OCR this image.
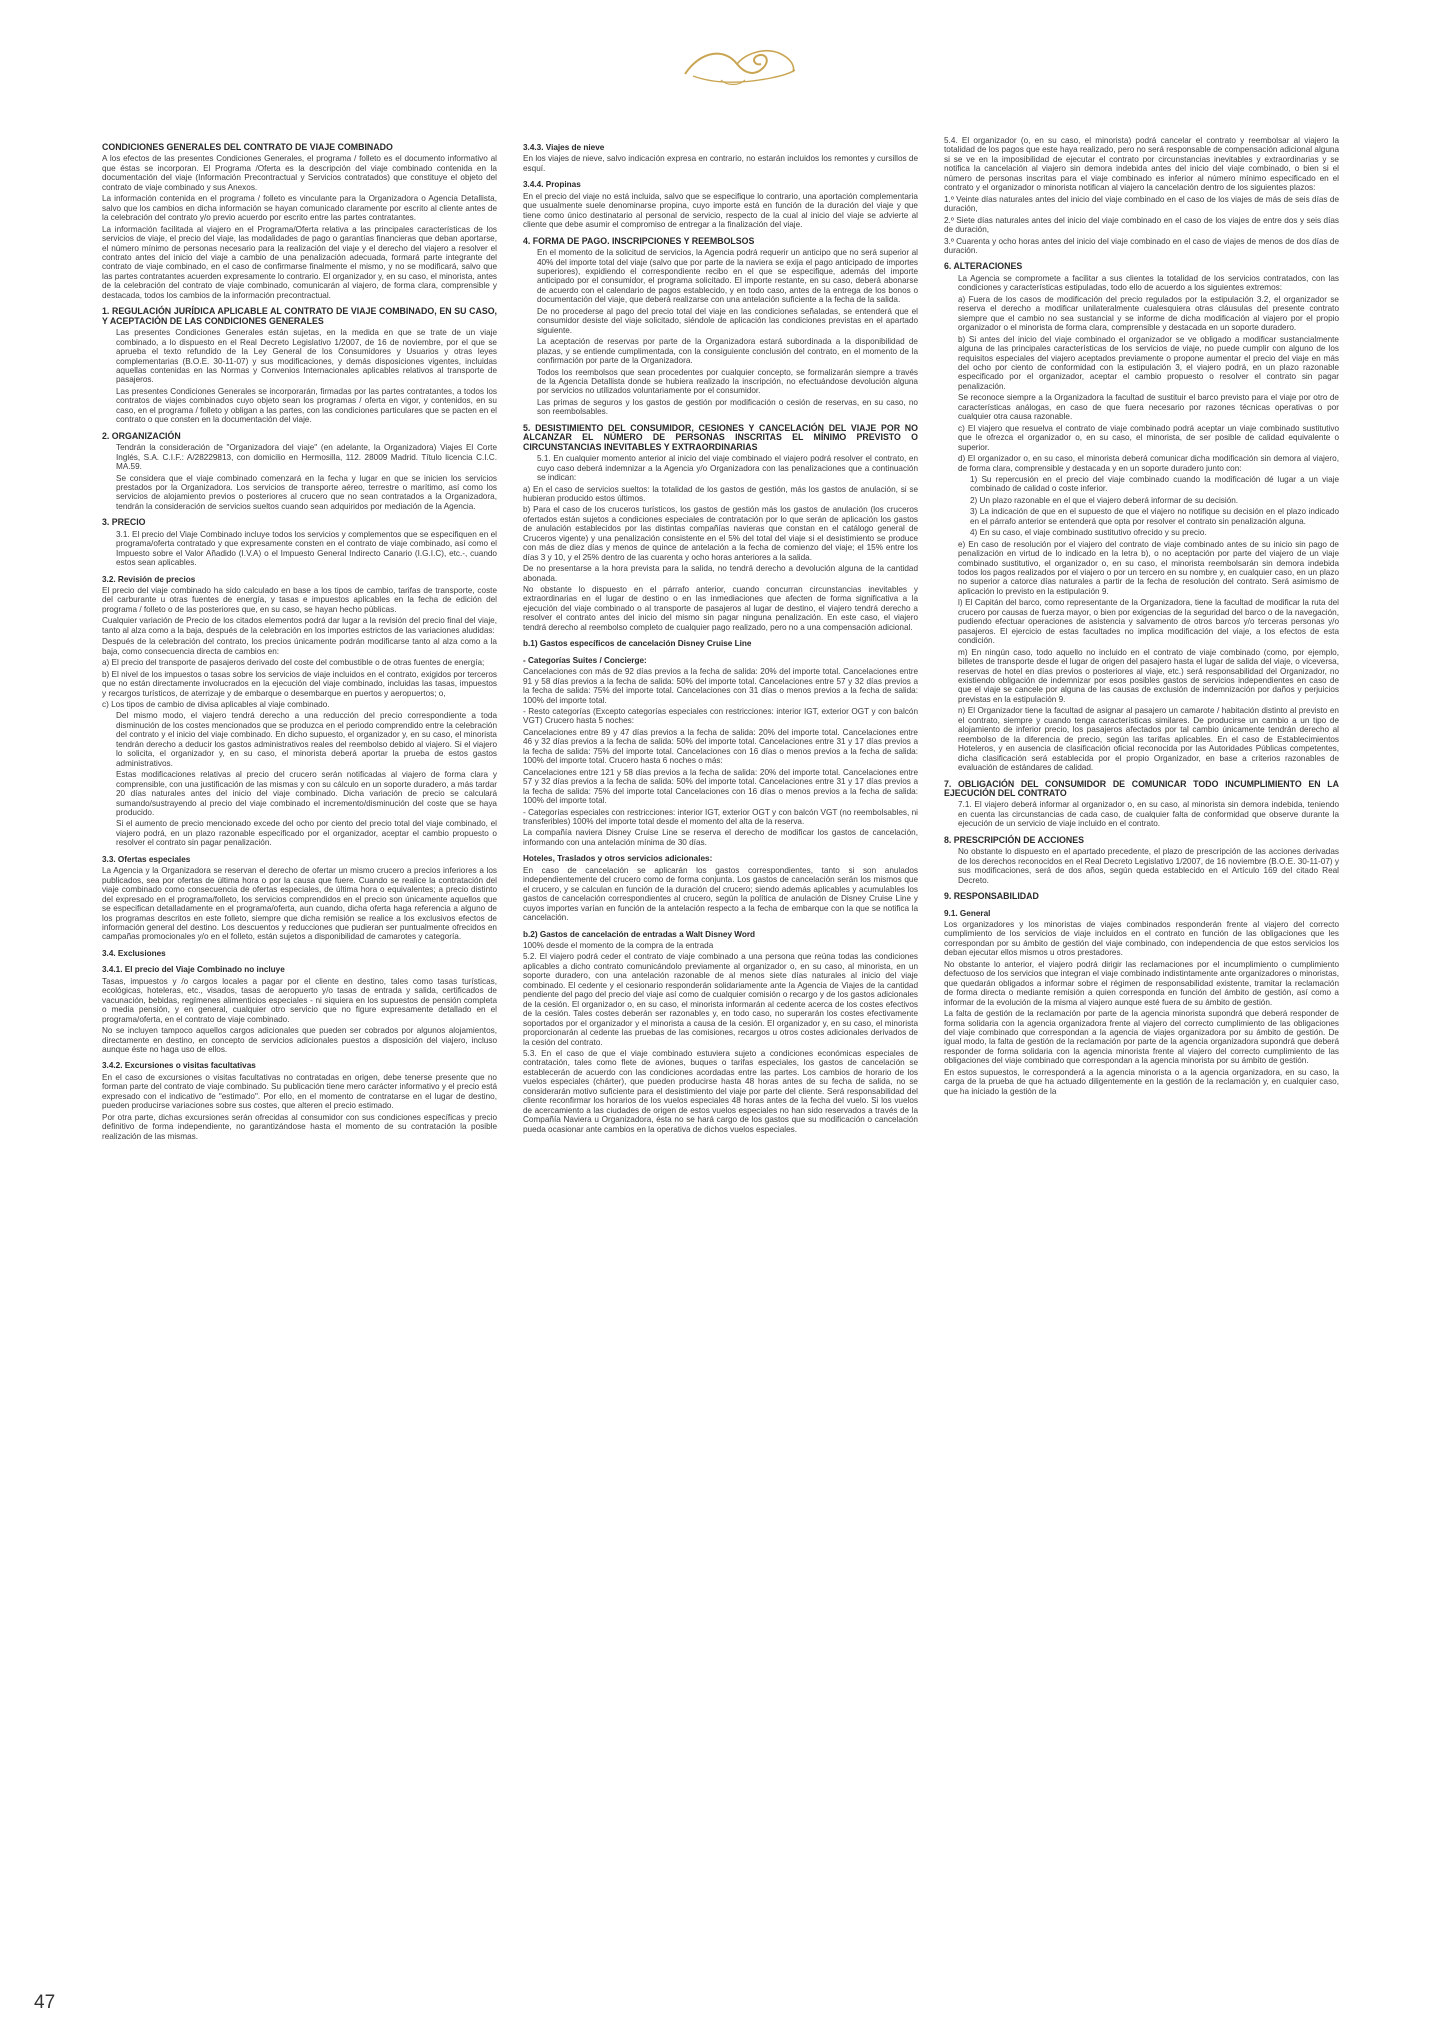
CONDICIONES GENERALES DEL CONTRATO DE VIAJE COMBINADO

A los efectos de las presentes Condiciones Generales, el programa / folleto es el documento informativo al que éstas se incorporan. El Programa /Oferta es la descripción del viaje combinado contenida en la documentación del viaje (Información Precontractual y Servicios contratados) que constituye el objeto del contrato de viaje combinado y sus Anexos.

La información contenida en el programa / folleto es vinculante para la Organizadora o Agencia Detallista, salvo que los cambios en dicha información se hayan comunicado claramente por escrito al cliente antes de la celebración del contrato y/o previo acuerdo por escrito entre las partes contratantes.

La información facilitada al viajero en el Programa/Oferta relativa a las principales características de los servicios de viaje, el precio del viaje, las modalidades de pago o garantías financieras que deban aportarse, el número mínimo de personas necesario para la realización del viaje y el derecho del viajero a resolver el contrato antes del inicio del viaje a cambio de una penalización adecuada, formará parte integrante del contrato de viaje combinado, en el caso de confirmarse finalmente el mismo, y no se modificará, salvo que las partes contratantes acuerden expresamente lo contrario. El organizador y, en su caso, el minorista, antes de la celebración del contrato de viaje combinado, comunicarán al viajero, de forma clara, comprensible y destacada, todos los cambios de la información precontractual.

1. REGULACIÓN JURÍDICA APLICABLE AL CONTRATO DE VIAJE COMBINADO, EN SU CASO, Y ACEPTACIÓN DE LAS CONDICIONES GENERALES

Las presentes Condiciones Generales están sujetas, en la medida en que se trate de un viaje combinado, a lo dispuesto en el Real Decreto Legislativo 1/2007, de 16 de noviembre, por el que se aprueba el texto refundido de la Ley General de los Consumidores y Usuarios y otras leyes complementarias (B.O.E. 30-11-07) y sus modificaciones, y demás disposiciones vigentes, incluidas aquellas contenidas en las Normas y Convenios Internacionales aplicables relativos al transporte de pasajeros.

Las presentes Condiciones Generales se incorporarán, firmadas por las partes contratantes, a todos los contratos de viajes combinados cuyo objeto sean los programas / oferta en vigor, y contenidos, en su caso, en el programa / folleto y obligan a las partes, con las condiciones particulares que se pacten en el contrato o que consten en la documentación del viaje.

2. ORGANIZACIÓN

Tendrán la consideración de "Organizadora del viaje" (en adelante, la Organizadora) Viajes El Corte Inglés, S.A. C.I.F.: A/28229813, con domicilio en Hermosilla, 112. 28009 Madrid. Título licencia C.I.C. MA.59.

Se considera que el viaje combinado comenzará en la fecha y lugar en que se inicien los servicios prestados por la Organizadora. Los servicios de transporte aéreo, terrestre o marítimo, así como los servicios de alojamiento previos o posteriores al crucero que no sean contratados a la Organizadora, tendrán la consideración de servicios sueltos cuando sean adquiridos por mediación de la Agencia.

3. PRECIO

3.1. El precio del Viaje Combinado incluye todos los servicios y complementos que se especifiquen en el programa/oferta contratado y que expresamente consten en el contrato de viaje combinado, así como el Impuesto sobre el Valor Añadido (I.V.A) o el Impuesto General Indirecto Canario (I.G.I.C), etc.-, cuando estos sean aplicables.

3.2. Revisión de precios

El precio del viaje combinado ha sido calculado en base a los tipos de cambio, tarifas de transporte, coste del carburante u otras fuentes de energía, y tasas e impuestos aplicables en la fecha de edición del programa / folleto o de las posteriores que, en su caso, se hayan hecho públicas.

Cualquier variación de Precio de los citados elementos podrá dar lugar a la revisión del precio final del viaje, tanto al alza como a la baja, después de la celebración en los importes estrictos de las variaciones aludidas:

Después de la celebración del contrato, los precios únicamente podrán modificarse tanto al alza como a la baja, como consecuencia directa de cambios en:

a) El precio del transporte de pasajeros derivado del coste del combustible o de otras fuentes de energía;

b) El nivel de los impuestos o tasas sobre los servicios de viaje incluidos en el contrato, exigidos por terceros que no están directamente involucrados en la ejecución del viaje combinado, incluidas las tasas, impuestos y recargos turísticos, de aterrizaje y de embarque o desembarque en puertos y aeropuertos; o,

c) Los tipos de cambio de divisa aplicables al viaje combinado.

Del mismo modo, el viajero tendrá derecho a una reducción del precio correspondiente a toda disminución de los costes mencionados que se produzca en el periodo comprendido entre la celebración del contrato y el inicio del viaje combinado. En dicho supuesto, el organizador y, en su caso, el minorista tendrán derecho a deducir los gastos administrativos reales del reembolso debido al viajero. Si el viajero lo solicita, el organizador y, en su caso, el minorista deberá aportar la prueba de estos gastos administrativos.

Estas modificaciones relativas al precio del crucero serán notificadas al viajero de forma clara y comprensible, con una justificación de las mismas y con su cálculo en un soporte duradero, a más tardar 20 días naturales antes del inicio del viaje combinado. Dicha variación de precio se calculará sumando/sustrayendo al precio del viaje combinado el incremento/disminución del coste que se haya producido.

Si el aumento de precio mencionado excede del ocho por ciento del precio total del viaje combinado, el viajero podrá, en un plazo razonable especificado por el organizador, aceptar el cambio propuesto o resolver el contrato sin pagar penalización.

3.3. Ofertas especiales

La Agencia y la Organizadora se reservan el derecho de ofertar un mismo crucero a precios inferiores a los publicados, sea por ofertas de última hora o por la causa que fuere. Cuando se realice la contratación del viaje combinado como consecuencia de ofertas especiales, de última hora o equivalentes; a precio distinto del expresado en el programa/folleto, los servicios comprendidos en el precio son únicamente aquellos que se especifican detalladamente en el programa/oferta, aun cuando, dicha oferta haga referencia a alguno de los programas descritos en este folleto, siempre que dicha remisión se realice a los exclusivos efectos de información general del destino. Los descuentos y reducciones que pudieran ser puntualmente ofrecidos en campañas promocionales y/o en el folleto, están sujetos a disponibilidad de camarotes y categoría.

3.4. Exclusiones

3.4.1. El precio del Viaje Combinado no incluye

Tasas, impuestos y /o cargos locales a pagar por el cliente en destino, tales como tasas turísticas, ecológicas, hoteleras, etc., visados, tasas de aeropuerto y/o tasas de entrada y salida, certificados de vacunación, bebidas, regímenes alimenticios especiales - ni siquiera en los supuestos de pensión completa o media pensión, y en general, cualquier otro servicio que no figure expresamente detallado en el programa/oferta, en el contrato de viaje combinado.

No se incluyen tampoco aquellos cargos adicionales que pueden ser cobrados por algunos alojamientos, directamente en destino, en concepto de servicios adicionales puestos a disposición del viajero, incluso aunque éste no haga uso de ellos.

3.4.2. Excursiones o visitas facultativas

En el caso de excursiones o visitas facultativas no contratadas en origen, debe tenerse presente que no forman parte del contrato de viaje combinado. Su publicación tiene mero carácter informativo y el precio está expresado con el indicativo de "estimado". Por ello, en el momento de contratarse en el lugar de destino, pueden producirse variaciones sobre sus costes, que alteren el precio estimado.

Por otra parte, dichas excursiones serán ofrecidas al consumidor con sus condiciones específicas y precio definitivo de forma independiente, no garantizándose hasta el momento de su contratación la posible realización de las mismas.

3.4.3. Viajes de nieve

En los viajes de nieve, salvo indicación expresa en contrario, no estarán incluidos los remontes y cursillos de esquí.

3.4.4. Propinas

En el precio del viaje no está incluida, salvo que se especifique lo contrario, una aportación complementaria que usualmente suele denominarse propina, cuyo importe está en función de la duración del viaje y que tiene como único destinatario al personal de servicio, respecto de la cual al inicio del viaje se advierte al cliente que debe asumir el compromiso de entregar a la finalización del viaje.

4. FORMA DE PAGO. INSCRIPCIONES Y REEMBOLSOS

En el momento de la solicitud de servicios, la Agencia podrá requerir un anticipo que no será superior al 40% del importe total del viaje (salvo que por parte de la naviera se exija el pago anticipado de importes superiores), expidiendo el correspondiente recibo en el que se especifique, además del importe anticipado por el consumidor, el programa solicitado. El importe restante, en su caso, deberá abonarse de acuerdo con el calendario de pagos establecido, y en todo caso, antes de la entrega de los bonos o documentación del viaje, que deberá realizarse con una antelación suficiente a la fecha de la salida.

De no procederse al pago del precio total del viaje en las condiciones señaladas, se entenderá que el consumidor desiste del viaje solicitado, siéndole de aplicación las condiciones previstas en el apartado siguiente.

La aceptación de reservas por parte de la Organizadora estará subordinada a la disponibilidad de plazas, y se entiende cumplimentada, con la consiguiente conclusión del contrato, en el momento de la confirmación por parte de la Organizadora.

Todos los reembolsos que sean procedentes por cualquier concepto, se formalizarán siempre a través de la Agencia Detallista donde se hubiera realizado la inscripción, no efectuándose devolución alguna por servicios no utilizados voluntariamente por el consumidor.

Las primas de seguros y los gastos de gestión por modificación o cesión de reservas, en su caso, no son reembolsables.

5. DESISTIMIENTO DEL CONSUMIDOR, CESIONES Y CANCELACIÓN DEL VIAJE POR NO ALCANZAR EL NÚMERO DE PERSONAS INSCRITAS EL MÍNIMO PREVISTO O CIRCUNSTANCIAS INEVITABLES Y EXTRAORDINARIAS

5.1. En cualquier momento anterior al inicio del viaje combinado el viajero podrá resolver el contrato, en cuyo caso deberá indemnizar a la Agencia y/o Organizadora con las penalizaciones que a continuación se indican:

a) En el caso de servicios sueltos: la totalidad de los gastos de gestión, más los gastos de anulación, si se hubieran producido estos últimos.

b) Para el caso de los cruceros turísticos, los gastos de gestión más los gastos de anulación (los cruceros ofertados están sujetos a condiciones especiales de contratación por lo que serán de aplicación los gastos de anulación establecidos por las distintas compañías navieras que constan en el catálogo general de Cruceros vigente) y una penalización consistente en el 5% del total del viaje si el desistimiento se produce con más de diez días y menos de quince de antelación a la fecha de comienzo del viaje; el 15% entre los días 3 y 10, y el 25% dentro de las cuarenta y ocho horas anteriores a la salida.

De no presentarse a la hora prevista para la salida, no tendrá derecho a devolución alguna de la cantidad abonada.

No obstante lo dispuesto en el párrafo anterior, cuando concurran circunstancias inevitables y extraordinarias en el lugar de destino o en las inmediaciones que afecten de forma significativa a la ejecución del viaje combinado o al transporte de pasajeros al lugar de destino, el viajero tendrá derecho a resolver el contrato antes del inicio del mismo sin pagar ninguna penalización. En este caso, el viajero tendrá derecho al reembolso completo de cualquier pago realizado, pero no a una compensación adicional.

b.1) Gastos específicos de cancelación Disney Cruise Line

- Categorías Suites / Concierge:

Cancelaciones con más de 92 días previos a la fecha de salida: 20% del importe total. Cancelaciones entre 91 y 58 días previos a la fecha de salida: 50% del importe total. Cancelaciones entre 57 y 32 días previos a la fecha de salida: 75% del importe total. Cancelaciones con 31 días o menos previos a la fecha de salida: 100% del importe total.

- Resto categorías (Excepto categorías especiales con restricciones: interior IGT, exterior OGT y con balcón VGT) Crucero hasta 5 noches:

Cancelaciones entre 89 y 47 días previos a la fecha de salida: 20% del importe total. Cancelaciones entre 46 y 32 días previos a la fecha de salida: 50% del importe total. Cancelaciones entre 31 y 17 días previos a la fecha de salida: 75% del importe total. Cancelaciones con 16 días o menos previos a la fecha de salida: 100% del importe total. Crucero hasta 6 noches o más:

Cancelaciones entre 121 y 58 días previos a la fecha de salida: 20% del importe total. Cancelaciones entre 57 y 32 días previos a la fecha de salida: 50% del importe total. Cancelaciones entre 31 y 17 días previos a la fecha de salida: 75% del importe total Cancelaciones con 16 días o menos previos a la fecha de salida: 100% del importe total.

- Categorías especiales con restricciones: interior IGT, exterior OGT y con balcón VGT (no reembolsables, ni transferibles) 100% del importe total desde el momento del alta de la reserva.

La compañía naviera Disney Cruise Line se reserva el derecho de modificar los gastos de cancelación, informando con una antelación mínima de 30 días.

Hoteles, Traslados y otros servicios adicionales:

En caso de cancelación se aplicarán los gastos correspondientes, tanto si son anulados independientemente del crucero como de forma conjunta. Los gastos de cancelación serán los mismos que el crucero, y se calculan en función de la duración del crucero; siendo además aplicables y acumulables los gastos de cancelación correspondientes al crucero, según la política de anulación de Disney Cruise Line y cuyos importes varían en función de la antelación respecto a la fecha de embarque con la que se notifica la cancelación.

b.2) Gastos de cancelación de entradas a Walt Disney Word

100% desde el momento de la compra de la entrada

5.2. El viajero podrá ceder el contrato de viaje combinado a una persona que reúna todas las condiciones aplicables a dicho contrato comunicándolo previamente al organizador o, en su caso, al minorista, en un soporte duradero, con una antelación razonable de al menos siete días naturales al inicio del viaje combinado. El cedente y el cesionario responderán solidariamente ante la Agencia de Viajes de la cantidad pendiente del pago del precio del viaje así como de cualquier comisión o recargo y de los gastos adicionales de la cesión. El organizador o, en su caso, el minorista informarán al cedente acerca de los costes efectivos de la cesión. Tales costes deberán ser razonables y, en todo caso, no superarán los costes efectivamente soportados por el organizador y el minorista a causa de la cesión. El organizador y, en su caso, el minorista proporcionarán al cedente las pruebas de las comisiones, recargos u otros costes adicionales derivados de la cesión del contrato.

5.3. En el caso de que el viaje combinado estuviera sujeto a condiciones económicas especiales de contratación, tales como flete de aviones, buques o tarifas especiales, los gastos de cancelación se establecerán de acuerdo con las condiciones acordadas entre las partes. Los cambios de horario de los vuelos especiales (chárter), que pueden producirse hasta 48 horas antes de su fecha de salida, no se considerarán motivo suficiente para el desistimiento del viaje por parte del cliente. Será responsabilidad del cliente reconfirmar los horarios de los vuelos especiales 48 horas antes de la fecha del vuelo. Si los vuelos de acercamiento a las ciudades de origen de estos vuelos especiales no han sido reservados a través de la Compañía Naviera u Organizadora, ésta no se hará cargo de los gastos que su modificación o cancelación pueda ocasionar ante cambios en la operativa de dichos vuelos especiales.

5.4. El organizador (o, en su caso, el minorista) podrá cancelar el contrato y reembolsar al viajero la totalidad de los pagos que este haya realizado, pero no será responsable de compensación adicional alguna si se ve en la imposibilidad de ejecutar el contrato por circunstancias inevitables y extraordinarias y se notifica la cancelación al viajero sin demora indebida antes del inicio del viaje combinado, o bien si el número de personas inscritas para el viaje combinado es inferior al número mínimo especificado en el contrato y el organizador o minorista notifican al viajero la cancelación dentro de los siguientes plazos:

1.º Veinte días naturales antes del inicio del viaje combinado en el caso de los viajes de más de seis días de duración,

2.º Siete días naturales antes del inicio del viaje combinado en el caso de los viajes de entre dos y seis días de duración,

3.º Cuarenta y ocho horas antes del inicio del viaje combinado en el caso de viajes de menos de dos días de duración.

6. ALTERACIONES

La Agencia se compromete a facilitar a sus clientes la totalidad de los servicios contratados, con las condiciones y características estipuladas, todo ello de acuerdo a los siguientes extremos:

a) Fuera de los casos de modificación del precio regulados por la estipulación 3.2, el organizador se reserva el derecho a modificar unilateralmente cualesquiera otras cláusulas del presente contrato siempre que el cambio no sea sustancial y se informe de dicha modificación al viajero por el propio organizador o el minorista de forma clara, comprensible y destacada en un soporte duradero.

b) Si antes del inicio del viaje combinado el organizador se ve obligado a modificar sustancialmente alguna de las principales características de los servicios de viaje, no puede cumplir con alguno de los requisitos especiales del viajero aceptados previamente o propone aumentar el precio del viaje en más del ocho por ciento de conformidad con la estipulación 3, el viajero podrá, en un plazo razonable especificado por el organizador, aceptar el cambio propuesto o resolver el contrato sin pagar penalización.

Se reconoce siempre a la Organizadora la facultad de sustituir el barco previsto para el viaje por otro de características análogas, en caso de que fuera necesario por razones técnicas operativas o por cualquier otra causa razonable.

c) El viajero que resuelva el contrato de viaje combinado podrá aceptar un viaje combinado sustitutivo que le ofrezca el organizador o, en su caso, el minorista, de ser posible de calidad equivalente o superior.

d) El organizador o, en su caso, el minorista deberá comunicar dicha modificación sin demora al viajero, de forma clara, comprensible y destacada y en un soporte duradero junto con:

1) Su repercusión en el precio del viaje combinado cuando la modificación dé lugar a un viaje combinado de calidad o coste inferior.

2) Un plazo razonable en el que el viajero deberá informar de su decisión.

3) La indicación de que en el supuesto de que el viajero no notifique su decisión en el plazo indicado en el párrafo anterior se entenderá que opta por resolver el contrato sin penalización alguna.

4) En su caso, el viaje combinado sustitutivo ofrecido y su precio.

e) En caso de resolución por el viajero del contrato de viaje combinado antes de su inicio sin pago de penalización en virtud de lo indicado en la letra b), o no aceptación por parte del viajero de un viaje combinado sustitutivo, el organizador o, en su caso, el minorista reembolsarán sin demora indebida todos los pagos realizados por el viajero o por un tercero en su nombre y, en cualquier caso, en un plazo no superior a catorce días naturales a partir de la fecha de resolución del contrato. Será asimismo de aplicación lo previsto en la estipulación 9.

l) El Capitán del barco, como representante de la Organizadora, tiene la facultad de modificar la ruta del crucero por causas de fuerza mayor, o bien por exigencias de la seguridad del barco o de la navegación, pudiendo efectuar operaciones de asistencia y salvamento de otros barcos y/o terceras personas y/o pasajeros. El ejercicio de estas facultades no implica modificación del viaje, a los efectos de esta condición.

m) En ningún caso, todo aquello no incluido en el contrato de viaje combinado (como, por ejemplo, billetes de transporte desde el lugar de origen del pasajero hasta el lugar de salida del viaje, o viceversa, reservas de hotel en días previos o posteriores al viaje, etc.) será responsabilidad del Organizador, no existiendo obligación de indemnizar por esos posibles gastos de servicios independientes en caso de que el viaje se cancele por alguna de las causas de exclusión de indemnización por daños y perjuicios previstas en la estipulación 9.

n) El Organizador tiene la facultad de asignar al pasajero un camarote / habitación distinto al previsto en el contrato, siempre y cuando tenga características similares. De producirse un cambio a un tipo de alojamiento de inferior precio, los pasajeros afectados por tal cambio únicamente tendrán derecho al reembolso de la diferencia de precio, según las tarifas aplicables. En el caso de Establecimientos Hoteleros, y en ausencia de clasificación oficial reconocida por las Autoridades Públicas competentes, dicha clasificación será establecida por el propio Organizador, en base a criterios razonables de evaluación de estándares de calidad.

7. OBLIGACIÓN DEL CONSUMIDOR DE COMUNICAR TODO INCUMPLIMIENTO EN LA EJECUCIÓN DEL CONTRATO

7.1. El viajero deberá informar al organizador o, en su caso, al minorista sin demora indebida, teniendo en cuenta las circunstancias de cada caso, de cualquier falta de conformidad que observe durante la ejecución de un servicio de viaje incluido en el contrato.

8. PRESCRIPCIÓN DE ACCIONES

No obstante lo dispuesto en el apartado precedente, el plazo de prescripción de las acciones derivadas de los derechos reconocidos en el Real Decreto Legislativo 1/2007, de 16 noviembre (B.O.E. 30-11-07) y sus modificaciones, será de dos años, según queda establecido en el Artículo 169 del citado Real Decreto.

9. RESPONSABILIDAD

9.1. General

Los organizadores y los minoristas de viajes combinados responderán frente al viajero del correcto cumplimiento de los servicios de viaje incluidos en el contrato en función de las obligaciones que les correspondan por su ámbito de gestión del viaje combinado, con independencia de que estos servicios los deban ejecutar ellos mismos u otros prestadores.

No obstante lo anterior, el viajero podrá dirigir las reclamaciones por el incumplimiento o cumplimiento defectuoso de los servicios que integran el viaje combinado indistintamente ante organizadores o minoristas, que quedarán obligados a informar sobre el régimen de responsabilidad existente, tramitar la reclamación de forma directa o mediante remisión a quien corresponda en función del ámbito de gestión, así como a informar de la evolución de la misma al viajero aunque esté fuera de su ámbito de gestión.

La falta de gestión de la reclamación por parte de la agencia minorista supondrá que deberá responder de forma solidaria con la agencia organizadora frente al viajero del correcto cumplimiento de las obligaciones del viaje combinado que correspondan a la agencia de viajes organizadora por su ámbito de gestión. De igual modo, la falta de gestión de la reclamación por parte de la agencia organizadora supondrá que deberá responder de forma solidaria con la agencia minorista frente al viajero del correcto cumplimiento de las obligaciones del viaje combinado que correspondan a la agencia minorista por su ámbito de gestión.

En estos supuestos, le corresponderá a la agencia minorista o a la agencia organizadora, en su caso, la carga de la prueba de que ha actuado diligentemente en la gestión de la reclamación y, en cualquier caso, que ha iniciado la gestión de la

47
